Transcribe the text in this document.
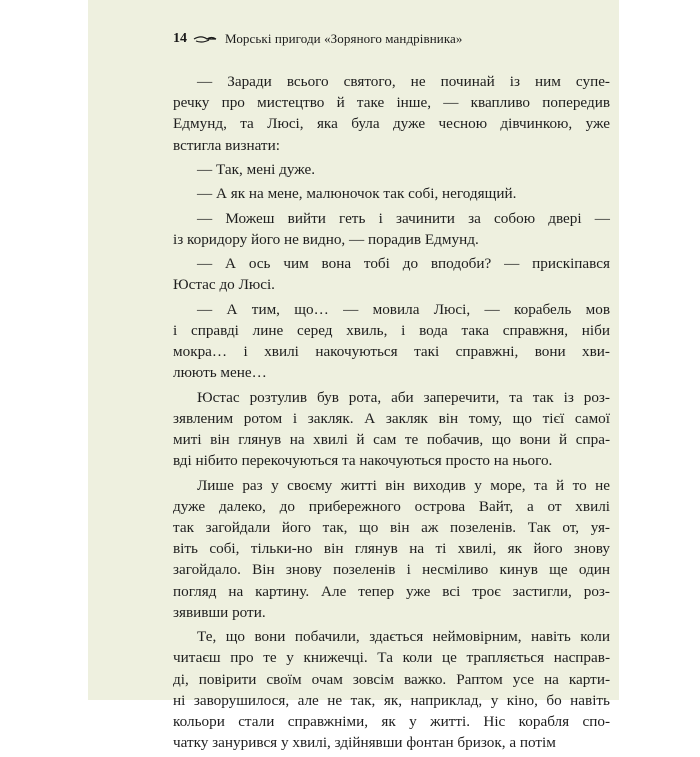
14	Морські пригоди «Зоряного мандрівника»

— Заради всього святого, не починай із ним супе-
речку про мистецтво й таке інше, — квапливо попередив
Едмунд, та Люсі, яка була дуже чесною дівчинкою, уже
встигла визнати:

— Так, мені дуже.

— А як на мене, малюночок так собі, негодящий.

— Можеш вийти геть і зачинити за собою двері —
із коридору його не видно, — порадив Едмунд.

— А ось чим вона тобі до вподоби? — прискіпався
Юстас до Люсі.

— А тим, що… — мовила Люсі, — корабель мов
і справді лине серед хвиль, і вода така справжня, ніби
мокра… і хвилі накочуються такі справжні, вони хви-
люють мене…

Юстас розтулив був рота, аби заперечити, та так із роз-
зявленим ротом і закляк. А закляк він тому, що тієї самої
миті він глянув на хвилі й сам те побачив, що вони й спра-
вді нібито перекочуються та накочуються просто на нього.

Лише раз у своєму житті він виходив у море, та й то не
дуже далеко, до прибережного острова Вайт, а от хвилі
так загойдали його так, що він аж позеленів. Так от, уя-
віть собі, тільки-но він глянув на ті хвилі, як його знову
загойдало. Він знову позеленів і несміливо кинув ще один
погляд на картину. Але тепер уже всі троє застигли, роз-
зявивши роти.

Те, що вони побачили, здається неймовірним, навіть коли
читаєш про те у книжечці. Та коли це трапляється насправ-
ді, повірити своїм очам зовсім важко. Раптом усе на карти-
ні заворушилося, але не так, як, наприклад, у кіно, бо навіть
кольори стали справжніми, як у житті. Ніс корабля спо-
чатку занурився у хвилі, здійнявши фонтан бризок, а потім
